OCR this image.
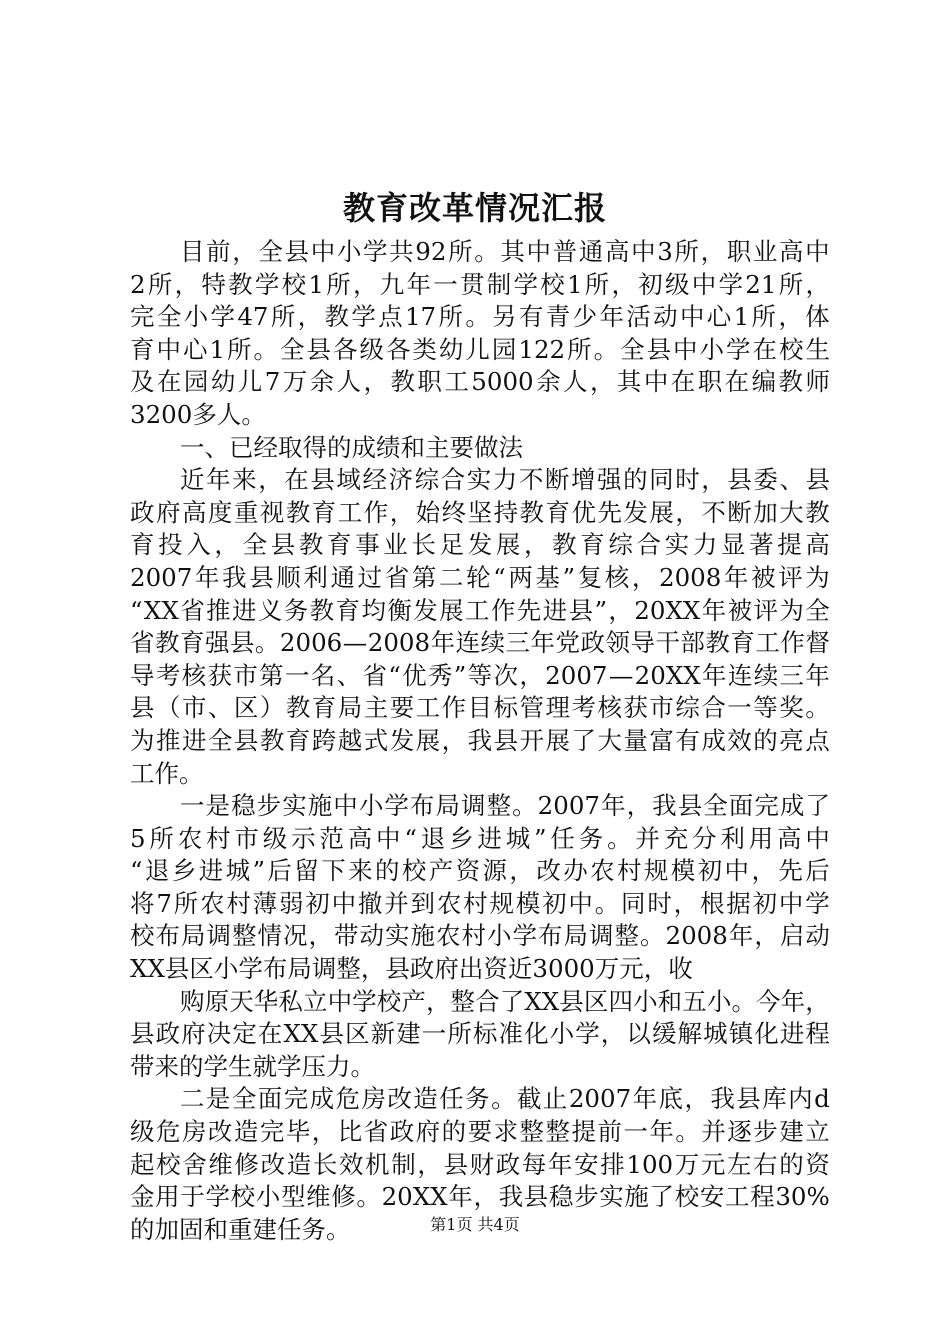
教育改革情况汇报
目 前 ， 全 县 中 小 学 共 92 所 。 其 中 普 通 高 中 3 所 ， 职 业 高 中
2 所 ， 特 教 学 校 1 所 ， 九 年 一 贯 制 学 校 1 所 ， 初 级 中 学 21 所 ，
完 全 小 学 47 所 ， 教 学 点 17 所 。 另 有 青 少 年 活 动 中 心 1 所 ， 体
育 中 心 1 所 。 全 县 各 级 各 类 幼 儿 园 122 所 。 全 县 中 小 学 在 校 生
及 在 园 幼 儿 7 万 余 人 ， 教 职 工 5000 余 人 ， 其 中 在 职 在 编 教 师
3200 多 人 。
一 、 已 经 取 得 的 成 绩 和 主 要 做 法
近 年 来 ， 在 县 域 经 济 综 合 实 力 不 断 增 强 的 同 时 ， 县 委 、 县
政 府 高 度 重 视 教 育 工 作 ， 始 终 坚 持 教 育 优 先 发 展 ， 不 断 加 大 教
育 投 入 ， 全 县 教 育 事 业 长 足 发 展 ， 教 育 综 合 实 力 显 著 提 高
2007 年 我 县 顺 利 通 过 省 第 二 轮 “ 两 基 ” 复 核 ， 2008 年 被 评 为
“ XX 省 推 进 义 务 教 育 均 衡 发 展 工 作 先 进 县 ” ， 20XX 年 被 评 为 全
省 教 育 强 县 。 2006 — 2008 年 连 续 三 年 党 政 领 导 干 部 教 育 工 作 督
导 考 核 获 市 第 一 名 、 省 “ 优 秀 ” 等 次 ， 2007 — 20XX 年 连 续 三 年
县 （ 市 、 区 ） 教 育 局 主 要 工 作 目 标 管 理 考 核 获 市 综 合 一 等 奖 。
为 推 进 全 县 教 育 跨 越 式 发 展 ， 我 县 开 展 了 大 量 富 有 成 效 的 亮 点
工 作 。
一 是 稳 步 实 施 中 小 学 布 局 调 整 。 2007 年 ， 我 县 全 面 完 成 了
5 所 农 村 市 级 示 范 高 中 “ 退 乡 进 城 ” 任 务 。 并 充 分 利 用 高 中
“ 退 乡 进 城 ” 后 留 下 来 的 校 产 资 源 ， 改 办 农 村 规 模 初 中 ， 先 后
将 7 所 农 村 薄 弱 初 中 撤 并 到 农 村 规 模 初 中 。 同 时 ， 根 据 初 中 学
校 布 局 调 整 情 况 ， 带 动 实 施 农 村 小 学 布 局 调 整 。 2008 年 ， 启 动
XX 县 区 小 学 布 局 调 整 ， 县 政 府 出 资 近 3000 万 元 ， 收
购 原 天 华 私 立 中 学 校 产 ， 整 合 了 XX 县 区 四 小 和 五 小 。 今 年 ，
县 政 府 决 定 在 XX 县 区 新 建 一 所 标 准 化 小 学 ， 以 缓 解 城 镇 化 进 程
带 来 的 学 生 就 学 压 力 。
二 是 全 面 完 成 危 房 改 造 任 务 。 截 止 2007 年 底 ， 我 县 库 内 d
级 危 房 改 造 完 毕 ， 比 省 政 府 的 要 求 整 整 提 前 一 年 。 并 逐 步 建 立
起 校 舍 维 修 改 造 长 效 机 制 ， 县 财 政 每 年 安 排 100 万 元 左 右 的 资
金 用 于 学 校 小 型 维 修 。 20XX 年 ， 我 县 稳 步 实 施 了 校 安 工 程 30%
的 加 固 和 重 建 任 务 。	第1页 共4页
